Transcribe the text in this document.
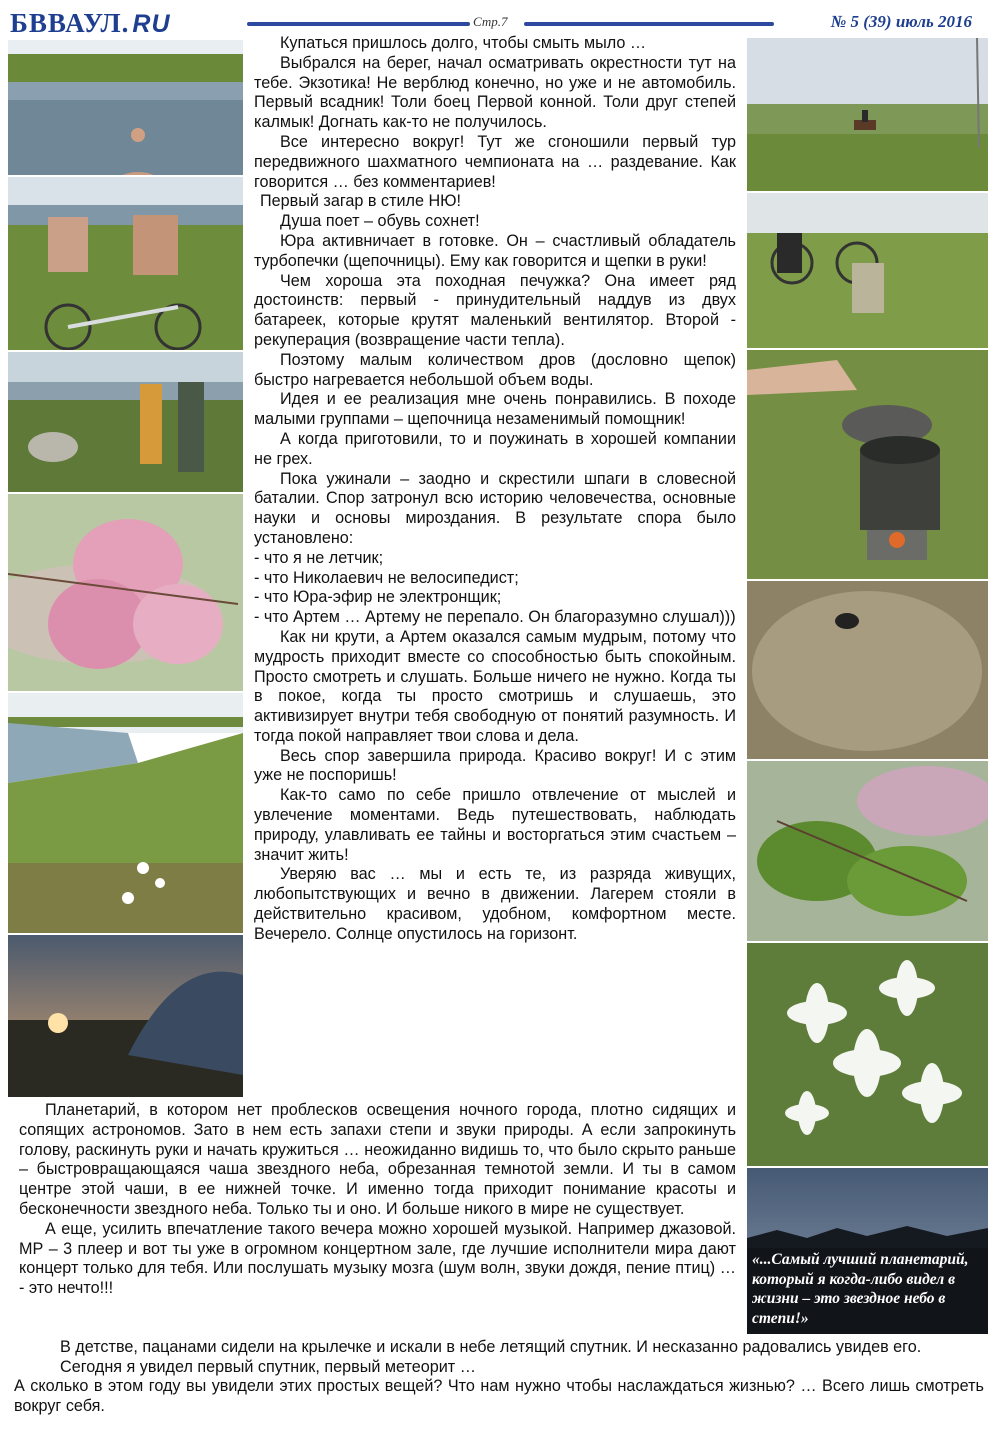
БВВАУЛ. RU	Стр.7	№ 5 (39) июль 2016
«...Самый лучший планетарий, который я когда-либо видел в жизни – это звездное небо в степи!»

Купаться пришлось долго, чтобы смыть мыло …

Выбрался на берег, начал осматривать окрестности тут на тебе. Экзотика! Не верблюд конечно, но уже и не автомобиль. Первый всадник! Толи боец Первой конной. Толи друг степей калмык! Догнать как-то не получилось.

Все интересно вокруг! Тут же сгоношили первый тур передвижного шахматного чемпионата на … раздевание. Как говорится … без комментариев!

Первый загар в стиле НЮ!

Душа поет – обувь сохнет!

Юра активничает в готовке. Он – счастливый обладатель турбопечки (щепочницы). Ему как говорится и щепки в руки!

Чем хороша эта походная печужка? Она имеет ряд достоинств: первый - принудительный наддув из двух батареек, которые крутят маленький вентилятор. Второй - рекуперация (возвращение части тепла).

Поэтому малым количеством дров (дословно щепок) быстро нагревается небольшой объем воды.

Идея и ее реализация мне очень понравились. В походе малыми группами – щепочница незаменимый помощник!

А когда приготовили, то и поужинать в хорошей компании не грех.

Пока ужинали – заодно и скрестили шпаги в словесной баталии. Спор затронул всю историю человечества, основные науки и основы мироздания. В результате спора было установлено:

- что я не летчик;

- что Николаевич не велосипедист;

- что Юра-эфир не электронщик;

- что Артем … Артему не перепало. Он благоразумно слушал)))

Как ни крути, а Артем оказался самым мудрым, потому что мудрость приходит вместе со способностью быть спокойным. Просто смотреть и слушать. Больше ничего не нужно. Когда ты в покое, когда ты просто смотришь и слушаешь, это активизирует внутри тебя свободную от понятий разумность. И тогда покой направляет твои слова и дела.

Весь спор завершила природа. Красиво вокруг! И с этим уже не поспоришь!

Как-то само по себе пришло отвлечение от мыслей и увлечение моментами. Ведь путешествовать, наблюдать природу, улавливать ее тайны и восторгаться этим счастьем – значит жить!

Уверяю вас … мы и есть те, из разряда живущих, любопытствующих и вечно в движении. Лагерем стояли в действительно красивом, удобном, комфортном месте. Вечерело. Солнце опустилось на горизонт.

Планетарий, в котором нет проблесков освещения ночного города, плотно сидящих и сопящих астрономов. Зато в нем есть запахи степи и звуки природы. А если запрокинуть голову, раскинуть руки и начать кружиться … неожиданно видишь то, что было скрыто раньше – быстровращающаяся чаша звездного неба, обрезанная темнотой земли. И ты в самом центре этой чаши, в ее нижней точке. И именно тогда приходит понимание красоты и бесконечности звездного неба. Только ты и оно. И больше никого в мире не существует.

А еще, усилить впечатление такого вечера можно хорошей музыкой. Например джазовой. МР – 3 плеер и вот ты уже в огромном концертном зале, где лучшие исполнители мира дают концерт только для тебя. Или послушать музыку мозга (шум волн, звуки дождя, пение птиц) … - это нечто!!!

В детстве, пацанами сидели на крылечке и искали в небе летящий спутник. И несказанно радовались увидев его.

Сегодня я увидел первый спутник, первый метеорит …

А сколько в этом году вы увидели этих простых вещей? Что нам нужно чтобы наслаждаться жизнью? … Всего лишь смотреть вокруг себя.
